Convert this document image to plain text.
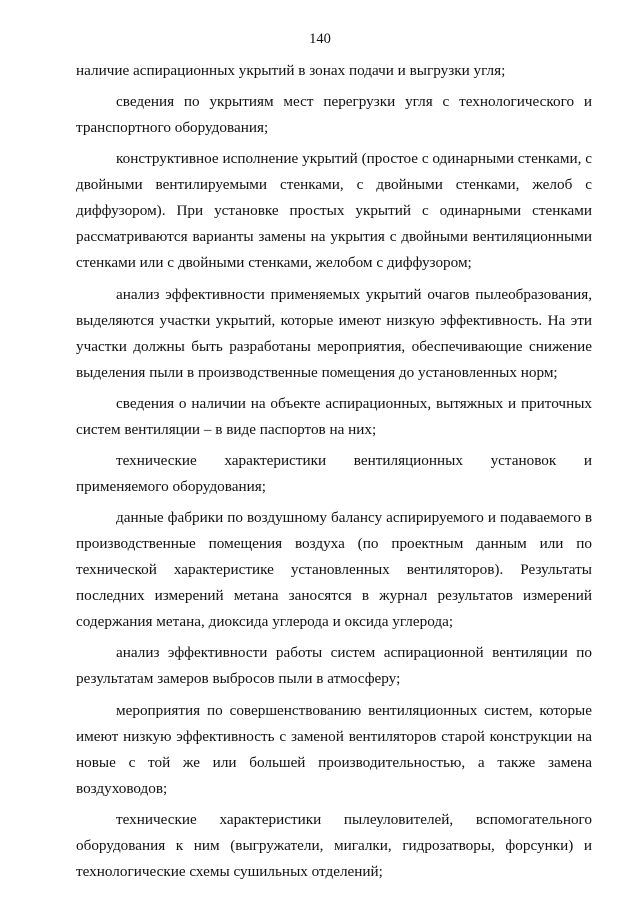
140

наличие аспирационных укрытий в зонах подачи и выгрузки угля;

сведения по укрытиям мест перегрузки угля с технологического и транспортного оборудования;

конструктивное исполнение укрытий (простое с одинарными стенками, с двойными вентилируемыми стенками, с двойными стенками, желоб с диффузором). При установке простых укрытий с одинарными стенками рассматриваются варианты замены на укрытия с двойными вентиляционными стенками или с двойными стенками, желобом с диффузором;

анализ эффективности применяемых укрытий очагов пылеобразования, выделяются участки укрытий, которые имеют низкую эффективность. На эти участки должны быть разработаны мероприятия, обеспечивающие снижение выделения пыли в производственные помещения до установленных норм;

сведения о наличии на объекте аспирационных, вытяжных и приточных систем вентиляции – в виде паспортов на них;

технические характеристики вентиляционных установок и применяемого оборудования;

данные фабрики по воздушному балансу аспирируемого и подаваемого в производственные помещения воздуха (по проектным данным или по технической характеристике установленных вентиляторов). Результаты последних измерений метана заносятся в журнал результатов измерений содержания метана, диоксида углерода и оксида углерода;

анализ эффективности работы систем аспирационной вентиляции по результатам замеров выбросов пыли в атмосферу;

мероприятия по совершенствованию вентиляционных систем, которые имеют низкую эффективность с заменой вентиляторов старой конструкции на новые с той же или большей производительностью, а также замена воздуховодов;

технические характеристики пылеуловителей, вспомогательного оборудования к ним (выгружатели, мигалки, гидрозатворы, форсунки) и технологические схемы сушильных отделений;
